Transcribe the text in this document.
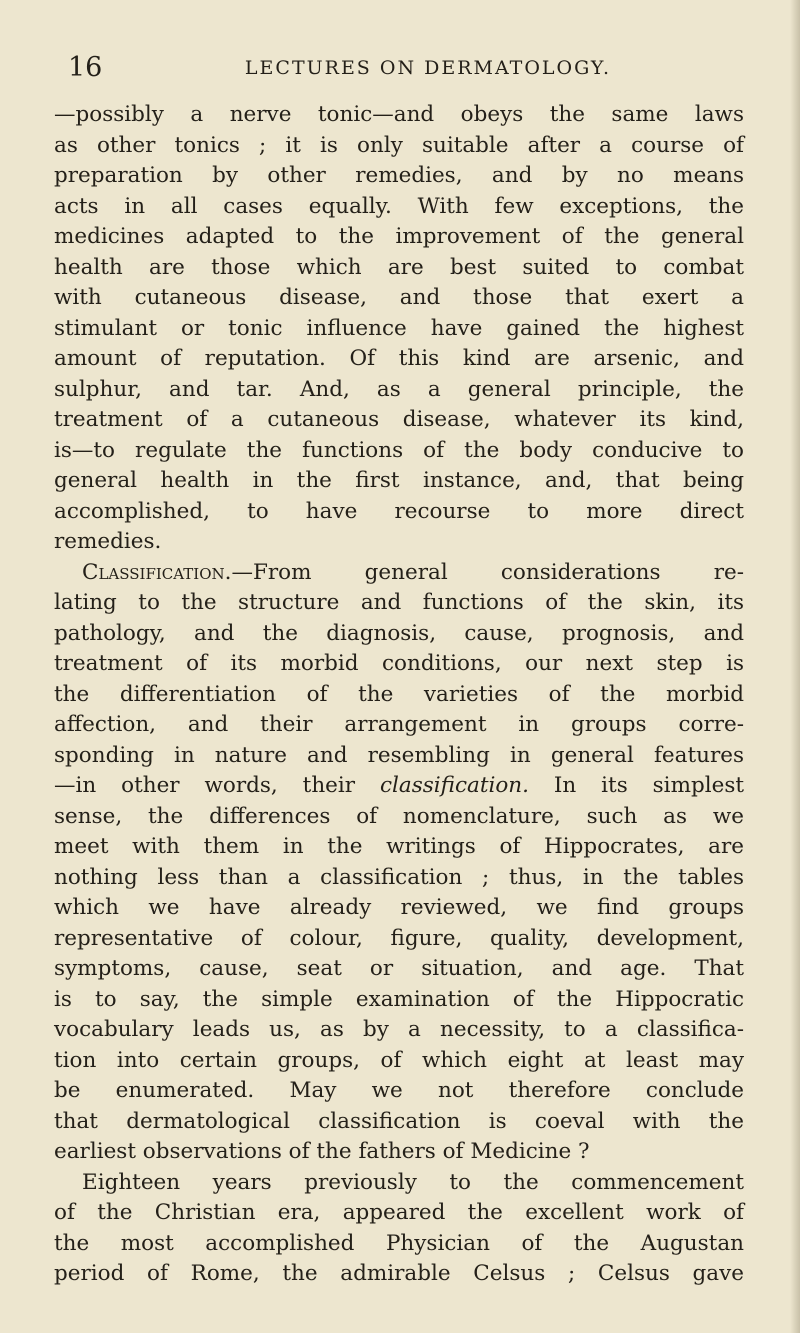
16	LECTURES ON DERMATOLOGY.
—possibly a nerve tonic—and obeys the same laws
as other tonics ; it is only suitable after a course of
preparation by other remedies, and by no means
acts in all cases equally. With few exceptions, the
medicines adapted to the improvement of the general
health are those which are best suited to combat
with cutaneous disease, and those that exert a
stimulant or tonic influence have gained the highest
amount of reputation. Of this kind are arsenic, and
sulphur, and tar. And, as a general principle, the
treatment of a cutaneous disease, whatever its kind,
is—to regulate the functions of the body conducive to
general health in the first instance, and, that being
accomplished, to have recourse to more direct
remedies.
Classification.—From general considerations re-
lating to the structure and functions of the skin, its
pathology, and the diagnosis, cause, prognosis, and
treatment of its morbid conditions, our next step is
the differentiation of the varieties of the morbid
affection, and their arrangement in groups corre-
sponding in nature and resembling in general features
—in other words, their classification. In its simplest
sense, the differences of nomenclature, such as we
meet with them in the writings of Hippocrates, are
nothing less than a classification ; thus, in the tables
which we have already reviewed, we find groups
representative of colour, figure, quality, development,
symptoms, cause, seat or situation, and age. That
is to say, the simple examination of the Hippocratic
vocabulary leads us, as by a necessity, to a classifica-
tion into certain groups, of which eight at least may
be enumerated. May we not therefore conclude
that dermatological classification is coeval with the
earliest observations of the fathers of Medicine ?
Eighteen years previously to the commencement
of the Christian era, appeared the excellent work of
the most accomplished Physician of the Augustan
period of Rome, the admirable Celsus ; Celsus gave
